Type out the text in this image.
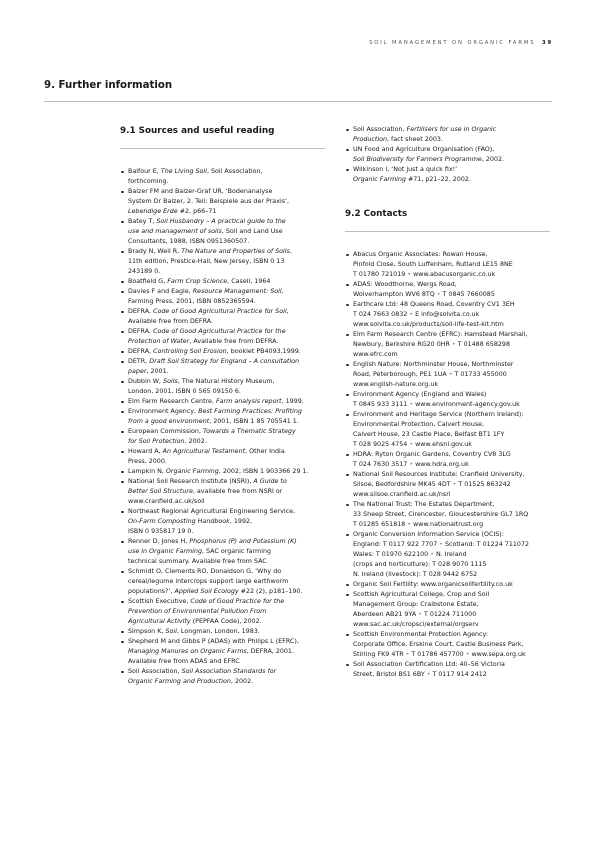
SOIL MANAGEMENT ON ORGANIC FARMS 39
9. Further information
9.1 Sources and useful reading
Balfour E, The Living Soil, Soil Association,
forthcoming.
Balzer FM and Balzer-Graf UR, ‘Bodenanalyse
System Dr Balzer, 2. Teil: Beispiele aus der Praxis’,
Lebendige Erde #2, p66–71
Batey T, Soil Husbandry – A practical guide to the
use and management of soils, Soil and Land Use
Consultants, 1988, ISBN 0951360507.
Brady N, Weil R, The Nature and Properties of Soils,
11th edition, Prestice-Hall, New Jersey, ISBN 0 13
243189 0.
Boatfield G, Farm Crop Science, Casell, 1964
Davies F and Eagle, Resource Management: Soil,
Farming Press, 2001, ISBN 0852365594.
DEFRA, Code of Good Agricultural Practice for Soil,
Available free from DEFRA.
DEFRA, Code of Good Agricultural Practice for the
Protection of Water, Available free from DEFRA.
DEFRA, Controlling Soil Erosion, booklet PB4093,1999.
DETR, Draft Soil Strategy for England – A consultation
paper, 2001.
Dubbin W, Soils, The Natural History Museum,
London, 2001, ISBN 0 565 09150 6.
Elm Farm Research Centre, Farm analysis report, 1999.
Environment Agency, Best Farming Practices: Profiting
from a good environment, 2001, ISBN 1 85 705541 1.
European Commission, Towards a Thematic Strategy
for Soil Protection, 2002.
Howard A, An Agricultural Testament, Other India
Press, 2000.
Lampkin N, Organic Farming, 2002, ISBN 1 903366 29 1.
National Soil Research Institute (NSRI), A Guide to
Better Soil Structure, available free from NSRI or
www.cranfield.ac.uk/soil
Northeast Regional Agricultural Engineering Service,
On-Farm Composting Handbook, 1992,
ISBN 0 935817 19 0.
Renner D, Jones H, Phosphorus (P) and Potassium (K)
use in Organic Farming, SAC organic farming
technical summary. Available free from SAC
Schmidt O, Clements RO, Donaldson G, ‘Why do
cereal/legume intercrops support large earthworm
populations?’, Applied Soil Ecology #22 (2), p181–190.
Scottish Executive, Code of Good Practice for the
Prevention of Environmental Pollution From
Agricultural Activity (PEPFAA Code), 2002.
Simpson K, Soil, Longman, London, 1983.
Shepherd M and Gibbs P (ADAS) with Philips L (EFRC),
Managing Manures on Organic Farms, DEFRA, 2001.
Available free from ADAS and EFRC
Soil Association, Soil Association Standards for
Organic Farming and Production, 2002.
Soil Association, Fertilisers for use in Organic
Production, fact sheet 2003.
UN Food and Agriculture Organisation (FAO),
Soil Biodiversity for Farmers Programme, 2002.
Wilkinson I, ‘Not just a quick fix!’
Organic Farming #71, p21–22, 2002.
9.2 Contacts
Abacus Organic Associates: Rowan House,
Pinfold Close, South Luffenham, Rutland LE15 8NE
T 01780 721019 • www.abacusorganic.co.uk
ADAS: Woodthorne, Wergs Road,
Wolverhampton WV6 8TQ • T 0845 7660085
Earthcare Ltd: 48 Queens Road, Coventry CV1 3EH
T 024 7663 0832 • E info@solvita.co.uk
www.solvita.co.uk/products/soil-life-test-kit.htm
Elm Farm Research Centre (EFRC): Hamstead Marshall,
Newbury, Berkshire RG20 0HR • T 01488 658298
www.efrc.com
English Nature: Northminster House, Northminster
Road, Peterborough, PE1 1UA • T 01733 455000
www.english-nature.org.uk
Environment Agency (England and Wales)
T 0845 933 3111 • www.environment-agency.gov.uk
Environment and Heritage Service (Northern Ireland):
Environmental Protection, Calvert House,
Calvert House, 23 Castle Place, Belfast BT1 1FY
T 028 9025 4754 • www.ehsni.gov.uk
HDRA: Ryton Organic Gardens, Coventry CV8 3LG
T 024 7630 3517 • www.hdra.org.uk
National Soil Resources Institute: Cranfield University,
Silsoe, Bedfordshire MK45 4DT • T 01525 863242
www.silsoe.cranfield.ac.uk/nsri
The National Trust: The Estates Department,
33 Sheep Street, Cirencester, Gloucestershire GL7 1RQ
T 01285 651818 • www.nationaltrust.org
Organic Conversion Information Service (OCIS):
England: T 0117 922 7707 • Scotland: T 01224 711072
Wales: T 01970 622100 • N. Ireland
(crops and horticulture): T 028 9070 1115
N. Ireland (livestock): T 028 9442 6752
Organic Soil Fertility: www.organicsoilfertility.co.uk
Scottish Agricultural College, Crop and Soil
Management Group: Craibstone Estate,
Aberdeen AB21 9YA • T 01224 711000
www.sac.ac.uk/cropsci/external/orgserv
Scottish Environmental Protection Agency:
Corporate Office, Erskine Court, Castle Business Park,
Stirling FK9 4TR • T 01786 457700 • www.sepa.org.uk
Soil Association Certification Ltd: 40–56 Victoria
Street, Bristol BS1 6BY • T 0117 914 2412
